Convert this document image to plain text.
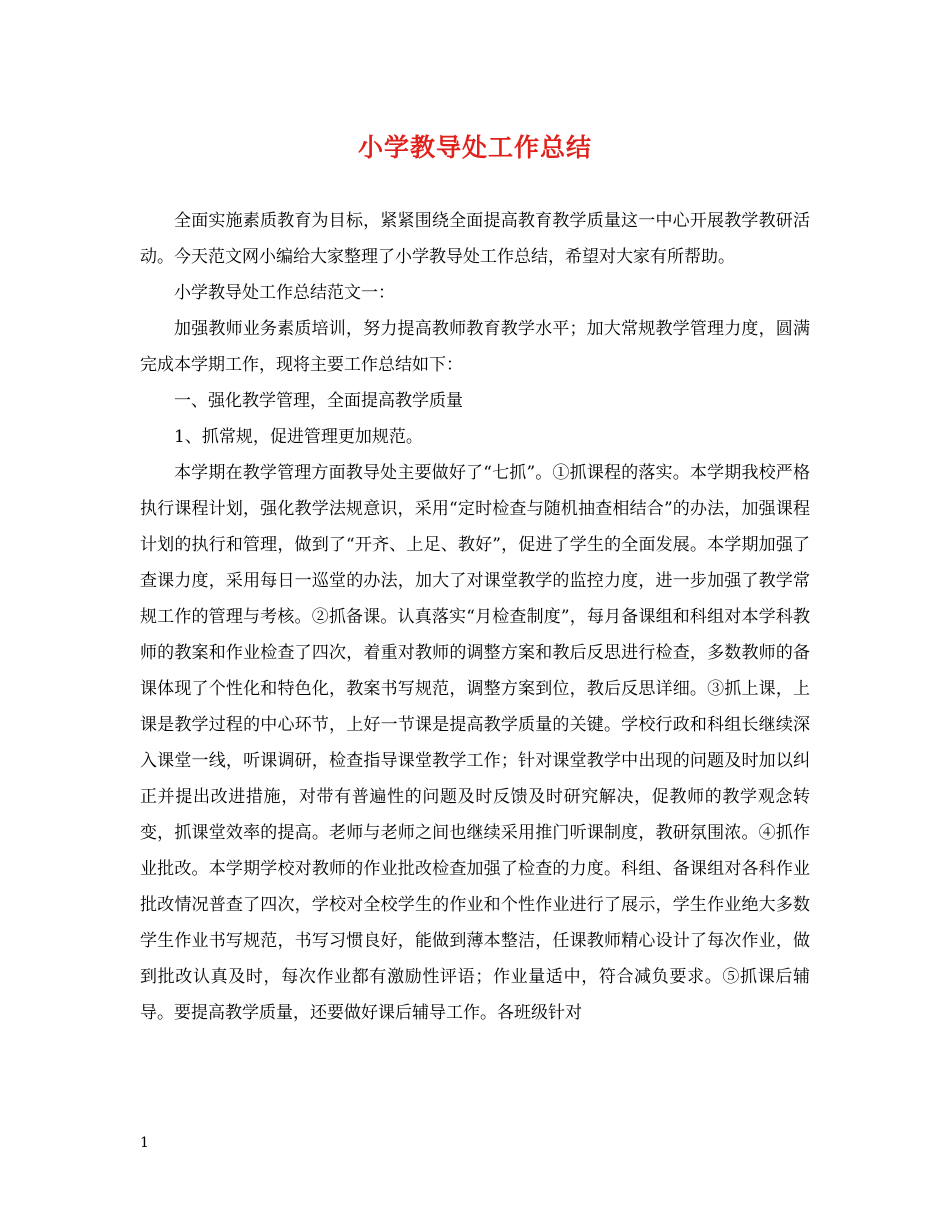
小学教导处工作总结

全面实施素质教育为目标，紧紧围绕全面提高教育教学质量这一中心开展教学教研活动。今天范文网小编给大家整理了小学教导处工作总结，希望对大家有所帮助。

小学教导处工作总结范文一：

加强教师业务素质培训，努力提高教师教育教学水平；加大常规教学管理力度，圆满完成本学期工作，现将主要工作总结如下：

一、强化教学管理，全面提高教学质量

1、抓常规，促进管理更加规范。

本学期在教学管理方面教导处主要做好了“七抓”。①抓课程的落实。本学期我校严格执行课程计划，强化教学法规意识，采用“定时检查与随机抽查相结合”的办法，加强课程计划的执行和管理，做到了“开齐、上足、教好”，促进了学生的全面发展。本学期加强了查课力度，采用每日一巡堂的办法，加大了对课堂教学的监控力度，进一步加强了教学常规工作的管理与考核。②抓备课。认真落实“月检查制度”，每月备课组和科组对本学科教师的教案和作业检查了四次，着重对教师的调整方案和教后反思进行检查，多数教师的备课体现了个性化和特色化，教案书写规范，调整方案到位，教后反思详细。③抓上课，上课是教学过程的中心环节，上好一节课是提高教学质量的关键。学校行政和科组长继续深入课堂一线，听课调研，检查指导课堂教学工作；针对课堂教学中出现的问题及时加以纠正并提出改进措施，对带有普遍性的问题及时反馈及时研究解决，促教师的教学观念转变，抓课堂效率的提高。老师与老师之间也继续采用推门听课制度，教研氛围浓。④抓作业批改。本学期学校对教师的作业批改检查加强了检查的力度。科组、备课组对各科作业批改情况普查了四次，学校对全校学生的作业和个性作业进行了展示，学生作业绝大多数学生作业书写规范，书写习惯良好，能做到薄本整洁，任课教师精心设计了每次作业，做到批改认真及时，每次作业都有激励性评语；作业量适中，符合减负要求。⑤抓课后辅导。要提高教学质量，还要做好课后辅导工作。各班级针对

1
